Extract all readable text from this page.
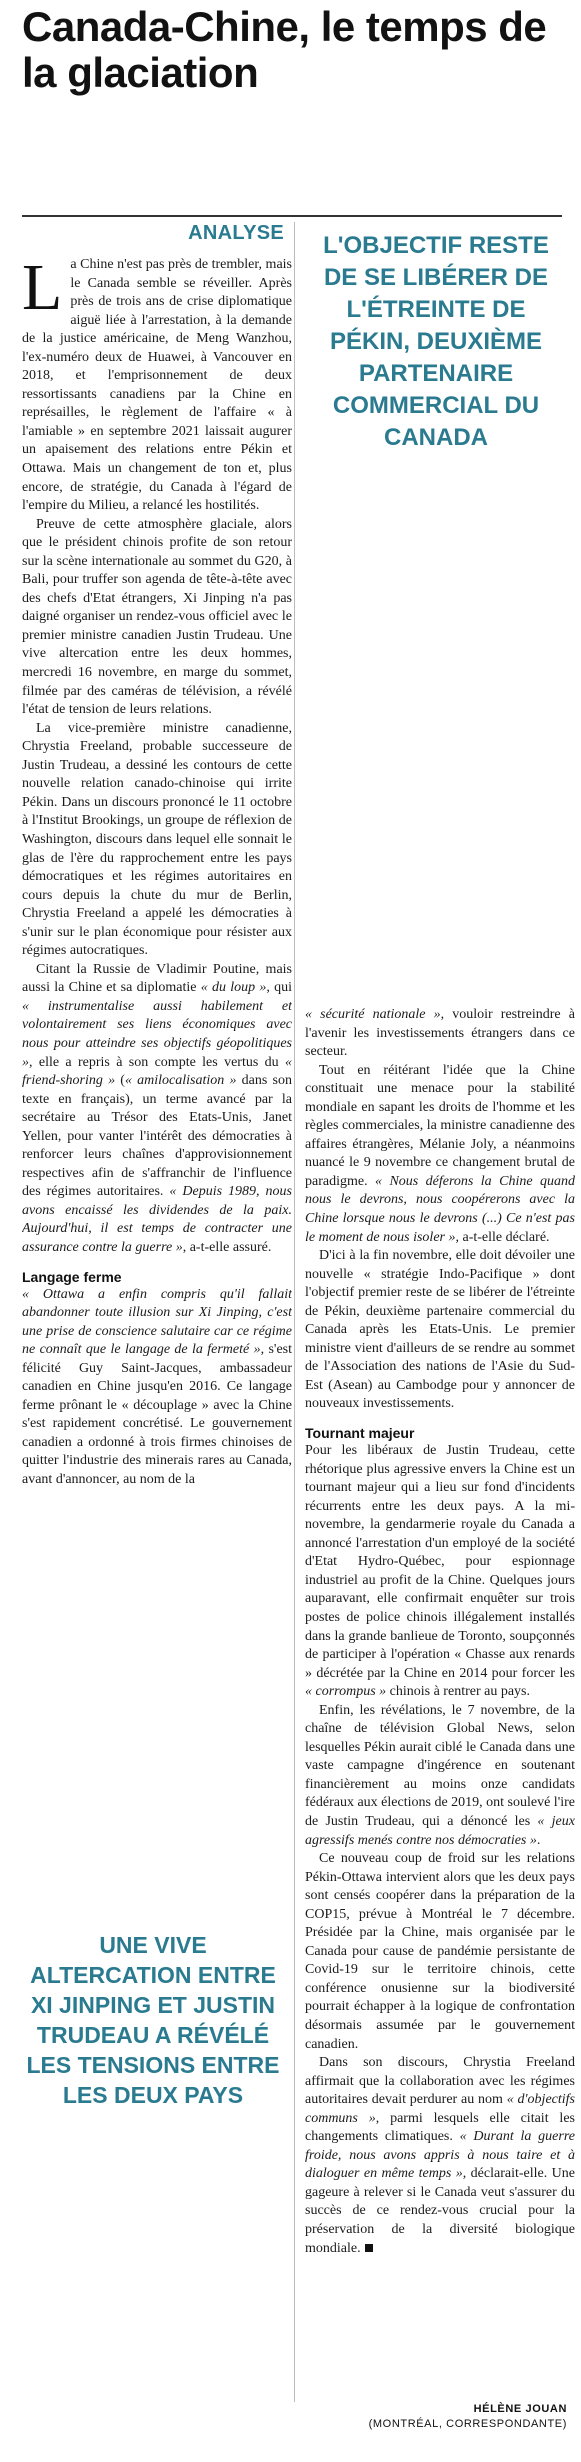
Canada-Chine, le temps de la glaciation
ANALYSE	L'OBJECTIF RESTE DE SE LIBÉRER DE L'ÉTREINTE DE PÉKIN, DEUXIÈME PARTENAIRE COMMERCIAL DU CANADA

La Chine n'est pas près de trembler, mais le Canada semble se réveiller. Après près de trois ans de crise diplomatique aiguë liée à l'arrestation, à la demande de la justice américaine, de Meng Wanzhou, l'ex-numéro deux de Huawei, à Vancouver en 2018, et l'emprisonnement de deux ressortissants canadiens par la Chine en représailles, le règlement de l'affaire « à l'amiable » en septembre 2021 laissait augurer un apaisement des relations entre Pékin et Ottawa. Mais un changement de ton et, plus encore, de stratégie, du Canada à l'égard de l'empire du Milieu, a relancé les hostilités.

Preuve de cette atmosphère glaciale, alors que le président chinois profite de son retour sur la scène internationale au sommet du G20, à Bali, pour truffer son agenda de tête-à-tête avec des chefs d'Etat étrangers, Xi Jinping n'a pas daigné organiser un rendez-vous officiel avec le premier ministre canadien Justin Trudeau. Une vive altercation entre les deux hommes, mercredi 16 novembre, en marge du sommet, filmée par des caméras de télévision, a révélé l'état de tension de leurs relations.

La vice-première ministre canadienne, Chrystia Freeland, probable successeure de Justin Trudeau, a dessiné les contours de cette nouvelle relation canado-chinoise qui irrite Pékin. Dans un discours prononcé le 11 octobre à l'Institut Brookings, un groupe de réflexion de Washington, discours dans lequel elle sonnait le glas de l'ère du rapprochement entre les pays démocratiques et les régimes autoritaires en cours depuis la chute du mur de Berlin, Chrystia Freeland a appelé les démocraties à s'unir sur le plan économique pour résister aux régimes autocratiques.

Citant la Russie de Vladimir Poutine, mais aussi la Chine et sa diplomatie « du loup », qui « instrumentalise aussi habilement et volontairement ses liens économiques avec nous pour atteindre ses objectifs géopolitiques », elle a repris à son compte les vertus du « friend-shoring » (« amilocalisation » dans son texte en français), un terme avancé par la secrétaire au Trésor des Etats-Unis, Janet Yellen, pour vanter l'intérêt des démocraties à renforcer leurs chaînes d'approvisionnement respectives afin de s'affranchir de l'influence des régimes autoritaires. « Depuis 1989, nous avons encaissé les dividendes de la paix. Aujourd'hui, il est temps de contracter une assurance contre la guerre », a-t-elle assuré.

Langage ferme

« Ottawa a enfin compris qu'il fallait abandonner toute illusion sur Xi Jinping, c'est une prise de conscience salutaire car ce régime ne connaît que le langage de la fermeté », s'est félicité Guy Saint-Jacques, ambassadeur canadien en Chine jusqu'en 2016. Ce langage ferme prônant le « découplage » avec la Chine s'est rapidement concrétisé. Le gouvernement canadien a ordonné à trois firmes chinoises de quitter l'industrie des minerais rares au Canada, avant d'annoncer, au nom de la

UNE VIVE ALTERCATION ENTRE XI JINPING ET JUSTIN TRUDEAU A RÉVÉLÉ LES TENSIONS ENTRE LES DEUX PAYS

« sécurité nationale », vouloir restreindre à l'avenir les investissements étrangers dans ce secteur.

Tout en réitérant l'idée que la Chine constituait une menace pour la stabilité mondiale en sapant les droits de l'homme et les règles commerciales, la ministre canadienne des affaires étrangères, Mélanie Joly, a néanmoins nuancé le 9 novembre ce changement brutal de paradigme. « Nous déferons la Chine quand nous le devrons, nous coopérerons avec la Chine lorsque nous le devrons (...) Ce n'est pas le moment de nous isoler », a-t-elle déclaré.

D'ici à la fin novembre, elle doit dévoiler une nouvelle « stratégie Indo-Pacifique » dont l'objectif premier reste de se libérer de l'étreinte de Pékin, deuxième partenaire commercial du Canada après les Etats-Unis. Le premier ministre vient d'ailleurs de se rendre au sommet de l'Association des nations de l'Asie du Sud-Est (Asean) au Cambodge pour y annoncer de nouveaux investissements.

Tournant majeur

Pour les libéraux de Justin Trudeau, cette rhétorique plus agressive envers la Chine est un tournant majeur qui a lieu sur fond d'incidents récurrents entre les deux pays. A la mi-novembre, la gendarmerie royale du Canada a annoncé l'arrestation d'un employé de la société d'Etat Hydro-Québec, pour espionnage industriel au profit de la Chine. Quelques jours auparavant, elle confirmait enquêter sur trois postes de police chinois illégalement installés dans la grande banlieue de Toronto, soupçonnés de participer à l'opération « Chasse aux renards » décrétée par la Chine en 2014 pour forcer les « corrompus » chinois à rentrer au pays.

Enfin, les révélations, le 7 novembre, de la chaîne de télévision Global News, selon lesquelles Pékin aurait ciblé le Canada dans une vaste campagne d'ingérence en soutenant financièrement au moins onze candidats fédéraux aux élections de 2019, ont soulevé l'ire de Justin Trudeau, qui a dénoncé les « jeux agressifs menés contre nos démocraties ».

Ce nouveau coup de froid sur les relations Pékin-Ottawa intervient alors que les deux pays sont censés coopérer dans la préparation de la COP15, prévue à Montréal le 7 décembre. Présidée par la Chine, mais organisée par le Canada pour cause de pandémie persistante de Covid-19 sur le territoire chinois, cette conférence onusienne sur la biodiversité pourrait échapper à la logique de confrontation désormais assumée par le gouvernement canadien.

Dans son discours, Chrystia Freeland affirmait que la collaboration avec les régimes autoritaires devait perdurer au nom « d'objectifs communs », parmi lesquels elle citait les changements climatiques. « Durant la guerre froide, nous avons appris à nous taire et à dialoguer en même temps », déclarait-elle. Une gageure à relever si le Canada veut s'assurer du succès de ce rendez-vous crucial pour la préservation de la diversité biologique mondiale.

HÉLÈNE JOUAN
(MONTRÉAL, CORRESPONDANTE)
